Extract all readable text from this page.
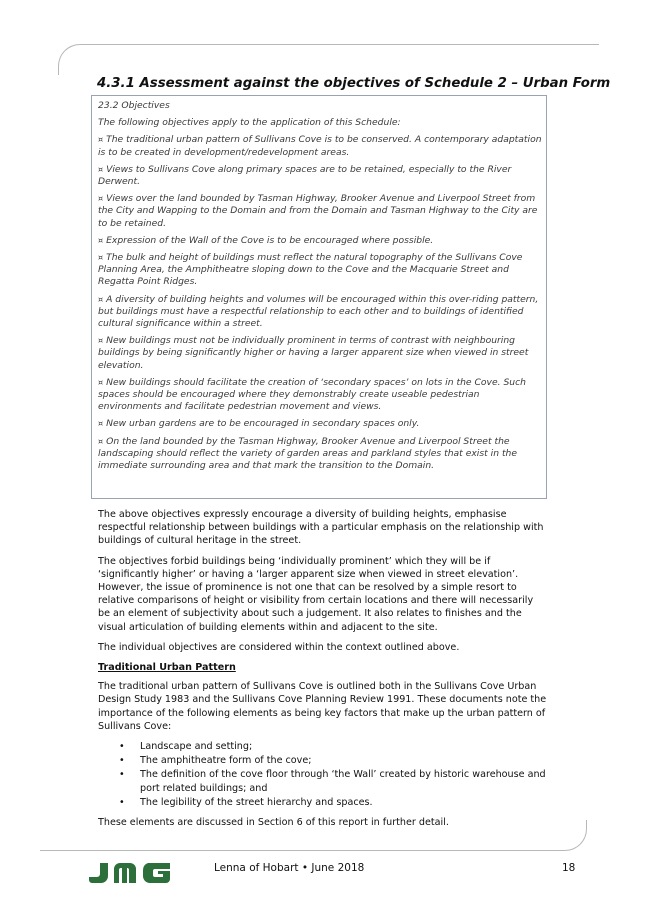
4.3.1 Assessment against the objectives of Schedule 2 – Urban Form

23.2 Objectives

The following objectives apply to the application of this Schedule:

¤ The traditional urban pattern of Sullivans Cove is to be conserved. A contemporary adaptation is to be created in development/redevelopment areas.

¤ Views to Sullivans Cove along primary spaces are to be retained, especially to the River Derwent.

¤ Views over the land bounded by Tasman Highway, Brooker Avenue and Liverpool Street from the City and Wapping to the Domain and from the Domain and Tasman Highway to the City are to be retained.

¤ Expression of the Wall of the Cove is to be encouraged where possible.

¤ The bulk and height of buildings must reflect the natural topography of the Sullivans Cove Planning Area, the Amphitheatre sloping down to the Cove and the Macquarie Street and Regatta Point Ridges.

¤ A diversity of building heights and volumes will be encouraged within this over-riding pattern, but buildings must have a respectful relationship to each other and to buildings of identified cultural significance within a street.

¤ New buildings must not be individually prominent in terms of contrast with neighbouring buildings by being significantly higher or having a larger apparent size when viewed in street elevation.

¤ New buildings should facilitate the creation of ‘secondary spaces’ on lots in the Cove. Such spaces should be encouraged where they demonstrably create useable pedestrian environments and facilitate pedestrian movement and views.

¤ New urban gardens are to be encouraged in secondary spaces only.

¤ On the land bounded by the Tasman Highway, Brooker Avenue and Liverpool Street the landscaping should reflect the variety of garden areas and parkland styles that exist in the immediate surrounding area and that mark the transition to the Domain.

The above objectives expressly encourage a diversity of building heights, emphasise respectful relationship between buildings with a particular emphasis on the relationship with buildings of cultural heritage in the street.

The objectives forbid buildings being ‘individually prominent’ which they will be if ‘significantly higher’ or having a ‘larger apparent size when viewed in street elevation’. However, the issue of prominence is not one that can be resolved by a simple resort to relative comparisons of height or visibility from certain locations and there will necessarily be an element of subjectivity about such a judgement. It also relates to finishes and the visual articulation of building elements within and adjacent to the site.

The individual objectives are considered within the context outlined above.

Traditional Urban Pattern

The traditional urban pattern of Sullivans Cove is outlined both in the Sullivans Cove Urban Design Study 1983 and the Sullivans Cove Planning Review 1991. These documents note the importance of the following elements as being key factors that make up the urban pattern of Sullivans Cove:

• Landscape and setting;
• The amphitheatre form of the cove;
• The definition of the cove floor through ‘the Wall’ created by historic warehouse and port related buildings; and
• The legibility of the street hierarchy and spaces.

These elements are discussed in Section 6 of this report in further detail.

Lenna of Hobart • June 2018	18
